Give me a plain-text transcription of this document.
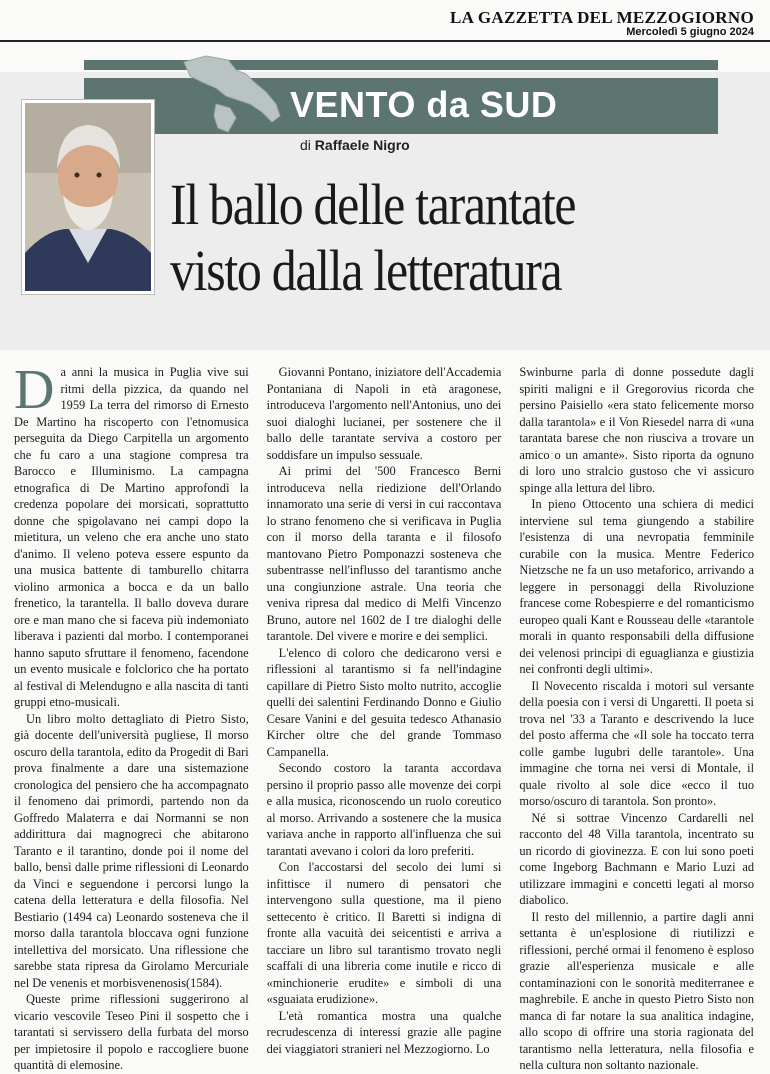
LA GAZZETTA DEL MEZZOGIORNO
Mercoledì 5 giugno 2024
VENTO da SUD
di Raffaele Nigro
Il ballo delle tarantate
visto dalla letteratura
D a anni la musica in Puglia vive sui ritmi della pizzica, da quando nel 1959 La terra del rimorso di Ernesto De Martino ha riscoperto con l'etnomusica perseguita da Diego Carpitella un argomento che fu caro a una stagione compresa tra Barocco e Illuminismo. La campagna etnografica di De Martino approfondì la credenza popolare dei morsicati, soprattutto donne che spigolavano nei campi dopo la mietitura, un veleno che era anche uno stato d'animo. Il veleno poteva essere espunto da una musica battente di tamburello chitarra violino armonica a bocca e da un ballo frenetico, la tarantella. Il ballo doveva durare ore e man mano che si faceva più indemoniato liberava i pazienti dal morbo. I contemporanei hanno saputo sfruttare il fenomeno, facendone un evento musicale e folclorico che ha portato al festival di Melendugno e alla nascita di tanti gruppi etno-musicali.

Un libro molto dettagliato di Pietro Sisto, già docente dell'università pugliese, Il morso oscuro della tarantola, edito da Progedit di Bari prova finalmente a dare una sistemazione cronologica del pensiero che ha accompagnato il fenomeno dai primordi, partendo non da Goffredo Malaterra e dai Normanni se non addirittura dai magnogreci che abitarono Taranto e il tarantino, donde poi il nome del ballo, bensì dalle prime riflessioni di Leonardo da Vinci e seguendone i percorsi lungo la catena della letteratura e della filosofia. Nel Bestiario (1494 ca) Leonardo sosteneva che il morso dalla tarantola bloccava ogni funzione intellettiva del morsicato. Una riflessione che sarebbe stata ripresa da Girolamo Mercuriale nel De venenis et morbisvenenosis(1584).

Queste prime riflessioni suggerirono al vicario vescovile Teseo Pini il sospetto che i tarantati si servissero della furbata del morso per impietosire il popolo e raccogliere buone quantità di elemosine.

Giovanni Pontano, iniziatore dell'Accademia Pontaniana di Napoli in età aragonese, introduceva l'argomento nell'Antonius, uno dei suoi dialoghi lucianei, per sostenere che il ballo delle tarantate serviva a costoro per soddisfare un impulso sessuale.

Ai primi del '500 Francesco Berni introduceva nella riedizione dell'Orlando innamorato una serie di versi in cui raccontava lo strano fenomeno che si verificava in Puglia con il morso della taranta e il filosofo mantovano Pietro Pomponazzi sosteneva che subentrasse nell'influsso del tarantismo anche una congiunzione astrale. Una teoria che veniva ripresa dal medico di Melfi Vincenzo Bruno, autore nel 1602 de I tre dialoghi delle tarantole. Del vivere e morire e dei semplici.

L'elenco di coloro che dedicarono versi e riflessioni al tarantismo si fa nell'indagine capillare di Pietro Sisto molto nutrito, accoglie quelli dei salentini Ferdinando Donno e Giulio Cesare Vanini e del gesuita tedesco Athanasio Kircher oltre che del grande Tommaso Campanella.

Secondo costoro la taranta accordava persino il proprio passo alle movenze dei corpi e alla musica, riconoscendo un ruolo coreutico al morso. Arrivando a sostenere che la musica variava anche in rapporto all'influenza che sui tarantati avevano i colori da loro preferiti.

Con l'accostarsi del secolo dei lumi si infittisce il numero di pensatori che intervengono sulla questione, ma il pieno settecento è critico. Il Baretti si indigna di fronte alla vacuità dei seicentisti e arriva a tacciare un libro sul tarantismo trovato negli scaffali di una libreria come inutile e ricco di «minchionerie erudite» e simboli di una «sguaiata erudizione».

L'età romantica mostra una qualche recrudescenza di interessi grazie alle pagine dei viaggiatori stranieri nel Mezzogiorno. Lo

Swinburne parla di donne possedute dagli spiriti maligni e il Gregorovius ricorda che persino Paisiello «era stato felicemente morso dalla tarantola» e il Von Riesedel narra di «una tarantata barese che non riusciva a trovare un amico o un amante». Sisto riporta da ognuno di loro uno stralcio gustoso che vi assicuro spinge alla lettura del libro.

In pieno Ottocento una schiera di medici interviene sul tema giungendo a stabilire l'esistenza di una nevropatia femminile curabile con la musica. Mentre Federico Nietzsche ne fa un uso metaforico, arrivando a leggere in personaggi della Rivoluzione francese come Robespierre e del romanticismo europeo quali Kant e Rousseau delle «tarantole morali in quanto responsabili della diffusione dei velenosi principi di eguaglianza e giustizia nei confronti degli ultimi».

Il Novecento riscalda i motori sul versante della poesia con i versi di Ungaretti. Il poeta si trova nel '33 a Taranto e descrivendo la luce del posto afferma che «Il sole ha toccato terra colle gambe lugubri delle tarantole». Una immagine che torna nei versi di Montale, il quale rivolto al sole dice «ecco il tuo morso/oscuro di tarantola. Son pronto».

Né si sottrae Vincenzo Cardarelli nel racconto del 48 Villa tarantola, incentrato su un ricordo di giovinezza. E con lui sono poeti come Ingeborg Bachmann e Mario Luzi ad utilizzare immagini e concetti legati al morso diabolico.

Il resto del millennio, a partire dagli anni settanta è un'esplosione di riutilizzi e riflessioni, perché ormai il fenomeno è esploso grazie all'esperienza musicale e alle contaminazioni con le sonorità mediterranee e maghrebile. E anche in questo Pietro Sisto non manca di far notare la sua analitica indagine, allo scopo di offrire una storia ragionata del tarantismo nella letteratura, nella filosofia e nella cultura non soltanto nazionale.
